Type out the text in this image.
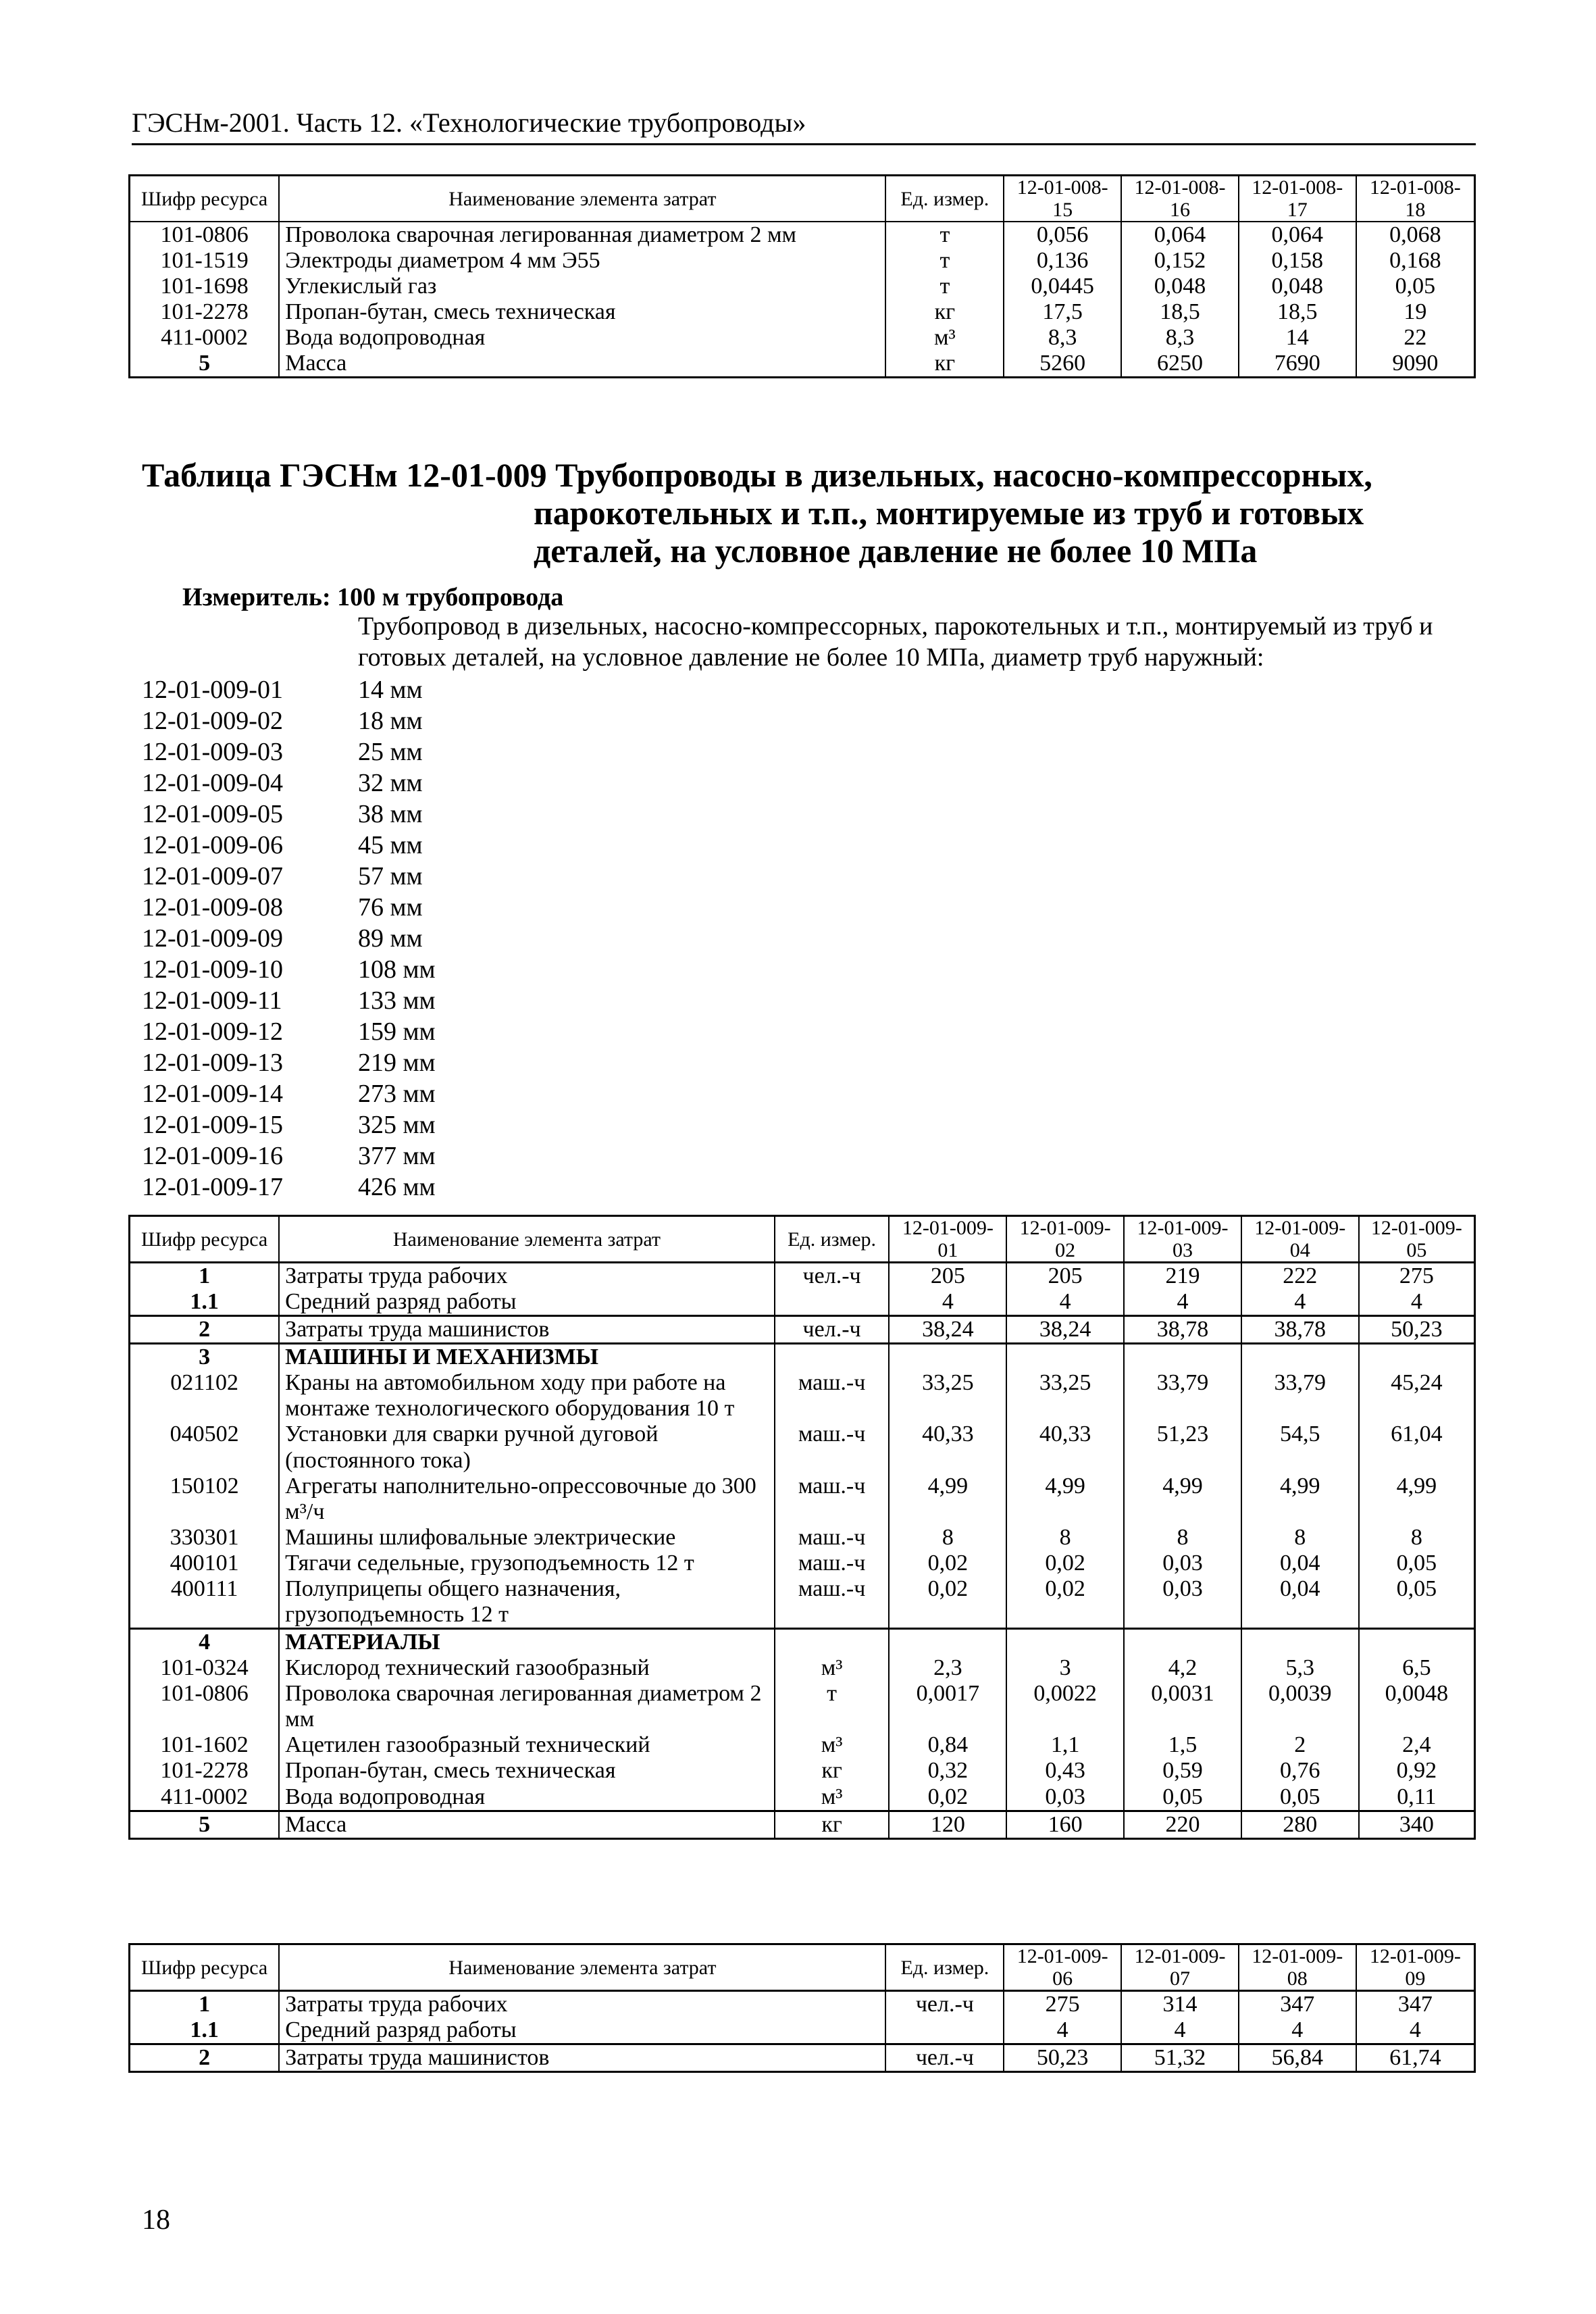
ГЭСНм-2001. Часть 12. «Технологические трубопроводы»
Шифр ресурса	Наименование элемента затрат	Ед. измер.	12-01-008-15	12-01-008-16	12-01-008-17	12-01-008-18
101-0806	Проволока сварочная легированная диаметром 2 мм	т	0,056	0,064	0,064	0,068
101-1519	Электроды диаметром 4 мм Э55	т	0,136	0,152	0,158	0,168
101-1698	Углекислый газ	т	0,0445	0,048	0,048	0,05
101-2278	Пропан-бутан, смесь техническая	кг	17,5	18,5	18,5	19
411-0002	Вода водопроводная	м³	8,3	8,3	14	22
5	Масса	кг	5260	6250	7690	9090
Таблица ГЭСНм 12-01-009 Трубопроводы в дизельных, насосно-компрессорных,
парокотельных и т.п., монтируемые из труб и готовых
деталей, на условное давление не более 10 МПа
Измеритель: 100 м трубопровода
Трубопровод в дизельных, насосно-компрессорных, парокотельных и т.п., монтируемый из труб и готовых деталей, на условное давление не более 10 МПа, диаметр труб наружный:
12-01-009-01	14 мм
12-01-009-02	18 мм
12-01-009-03	25 мм
12-01-009-04	32 мм
12-01-009-05	38 мм
12-01-009-06	45 мм
12-01-009-07	57 мм
12-01-009-08	76 мм
12-01-009-09	89 мм
12-01-009-10	108 мм
12-01-009-11	133 мм
12-01-009-12	159 мм
12-01-009-13	219 мм
12-01-009-14	273 мм
12-01-009-15	325 мм
12-01-009-16	377 мм
12-01-009-17	426 мм
Шифр ресурса	Наименование элемента затрат	Ед. измер.	12-01-009-01	12-01-009-02	12-01-009-03	12-01-009-04	12-01-009-05
1	Затраты труда рабочих	чел.-ч	205	205	219	222	275
1.1	Средний разряд работы		4	4	4	4	4
2	Затраты труда машинистов	чел.-ч	38,24	38,24	38,78	38,78	50,23
3	МАШИНЫ И МЕХАНИЗМЫ						
021102	Краны на автомобильном ходу при работе на монтаже технологического оборудования 10 т	маш.-ч	33,25	33,25	33,79	33,79	45,24
040502	Установки для сварки ручной дуговой (постоянного тока)	маш.-ч	40,33	40,33	51,23	54,5	61,04
150102	Агрегаты наполнительно-опрессовочные до 300 м³/ч	маш.-ч	4,99	4,99	4,99	4,99	4,99
330301	Машины шлифовальные электрические	маш.-ч	8	8	8	8	8
400101	Тягачи седельные, грузоподъемность 12 т	маш.-ч	0,02	0,02	0,03	0,04	0,05
400111	Полуприцепы общего назначения, грузоподъемность 12 т	маш.-ч	0,02	0,02	0,03	0,04	0,05
4	МАТЕРИАЛЫ						
101-0324	Кислород технический газообразный	м³	2,3	3	4,2	5,3	6,5
101-0806	Проволока сварочная легированная диаметром 2 мм	т	0,0017	0,0022	0,0031	0,0039	0,0048
101-1602	Ацетилен газообразный технический	м³	0,84	1,1	1,5	2	2,4
101-2278	Пропан-бутан, смесь техническая	кг	0,32	0,43	0,59	0,76	0,92
411-0002	Вода водопроводная	м³	0,02	0,03	0,05	0,05	0,11
5	Масса	кг	120	160	220	280	340
Шифр ресурса	Наименование элемента затрат	Ед. измер.	12-01-009-06	12-01-009-07	12-01-009-08	12-01-009-09
1	Затраты труда рабочих	чел.-ч	275	314	347	347
1.1	Средний разряд работы		4	4	4	4
2	Затраты труда машинистов	чел.-ч	50,23	51,32	56,84	61,74
18
